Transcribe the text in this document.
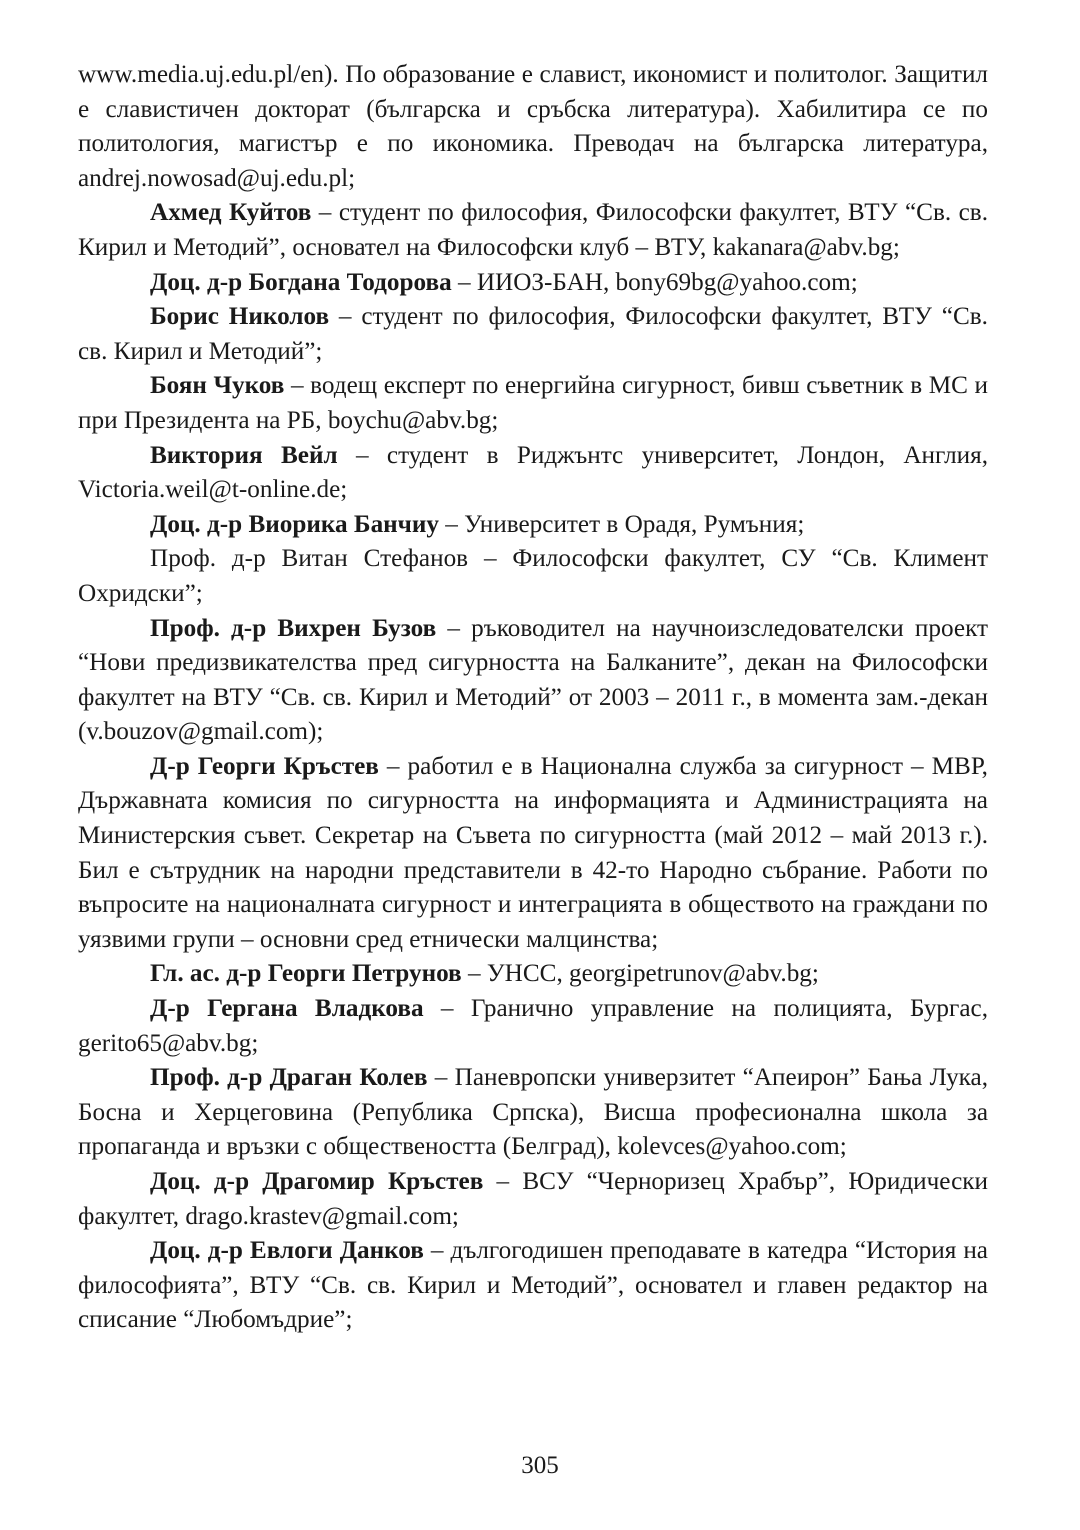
www.media.uj.edu.pl/en). По образование е славист, икономист и политолог. Защитил е славистичен докторат (българска и сръбска литература). Хабилитира се по политология, магистър е по икономика. Преводач на българска литература, andrej.nowosad@uj.edu.pl;

Ахмед Куйтов – студент по философия, Философски факултет, ВТУ “Св. св. Кирил и Методий”, основател на Философски клуб – ВТУ, kakanara@abv.bg;

Доц. д-р Богдана Тодорова – ИИОЗ-БАН, bony69bg@yahoo.com;

Борис Николов – студент по философия, Философски факултет, ВТУ “Св. св. Кирил и Методий”;

Боян Чуков – водещ експерт по енергийна сигурност, бивш съветник в МС и при Президента на РБ, boychu@abv.bg;

Виктория Вейл – студент в Риджънтс университет, Лондон, Англия, Victoria.weil@t-online.de;

Доц. д-р Виорика Банчиу – Университет в Орадя, Румъния;

Проф. д-р Витан Стефанов – Философски факултет, СУ “Св. Климент Охридски”;

Проф. д-р Вихрен Бузов – ръководител на научноизследователски проект “Нови предизвикателства пред сигурността на Балканите”, декан на Философски факултет на ВТУ “Св. св. Кирил и Методий” от 2003 – 2011 г., в момента зам.-декан (v.bouzov@gmail.com);

Д-р Георги Кръстев – работил е в Национална служба за сигурност – МВР, Държавната комисия по сигурността на информацията и Администрацията на Министерския съвет. Секретар на Съвета по сигурността (май 2012 – май 2013 г.). Бил е сътрудник на народни представители в 42-то Народно събрание. Работи по въпросите на националната сигурност и интеграцията в обществото на граждани по уязвими групи – основни сред етнически малцинства;

Гл. ас. д-р Георги Петрунов – УНСС, georgipetrunov@abv.bg;

Д-р Гергана Владкова – Гранично управление на полицията, Бургас, gerito65@abv.bg;

Проф. д-р Драган Колев – Паневропски универзитет “Апеирон” Бања Лука, Босна и Херцеговина (Република Српска), Висша професионална школа за пропаганда и връзки с обществеността (Белград), kolevces@yahoo.com;

Доц. д-р Драгомир Кръстев – ВСУ “Черноризец Храбър”, Юридически факултет, drago.krastev@gmail.com;

Доц. д-р Евлоги Данков – дългогодишен преподавате в катедра “История на философията”, ВТУ “Св. св. Кирил и Методий”, основател и главен редактор на списание “Любомъдрие”;

305
